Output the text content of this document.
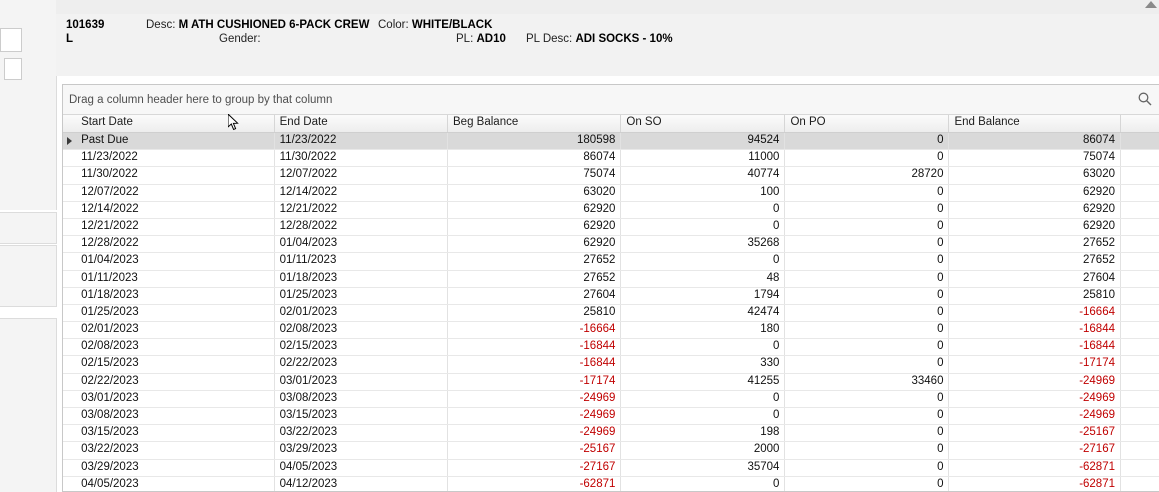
101639	Desc: M ATH CUSHIONED 6-PACK CREW Color: WHITE/BLACK
L	Gender:	PL: AD10 PL Desc: ADI SOCKS - 10%
Drag a column header here to group by that column
Start Date	End Date	Beg Balance	On SO	On PO	End Balance
Past Due	11/23/2022	180598	94524	0	86074
11/23/2022	11/30/2022	86074	11000	0	75074
11/30/2022	12/07/2022	75074	40774	28720	63020
12/07/2022	12/14/2022	63020	100	0	62920
12/14/2022	12/21/2022	62920	0	0	62920
12/21/2022	12/28/2022	62920	0	0	62920
12/28/2022	01/04/2023	62920	35268	0	27652
01/04/2023	01/11/2023	27652	0	0	27652
01/11/2023	01/18/2023	27652	48	0	27604
01/18/2023	01/25/2023	27604	1794	0	25810
01/25/2023	02/01/2023	25810	42474	0	-16664
02/01/2023	02/08/2023	-16664	180	0	-16844
02/08/2023	02/15/2023	-16844	0	0	-16844
02/15/2023	02/22/2023	-16844	330	0	-17174
02/22/2023	03/01/2023	-17174	41255	33460	-24969
03/01/2023	03/08/2023	-24969	0	0	-24969
03/08/2023	03/15/2023	-24969	0	0	-24969
03/15/2023	03/22/2023	-24969	198	0	-25167
03/22/2023	03/29/2023	-25167	2000	0	-27167
03/29/2023	04/05/2023	-27167	35704	0	-62871
04/05/2023	04/12/2023	-62871	0	0	-62871
